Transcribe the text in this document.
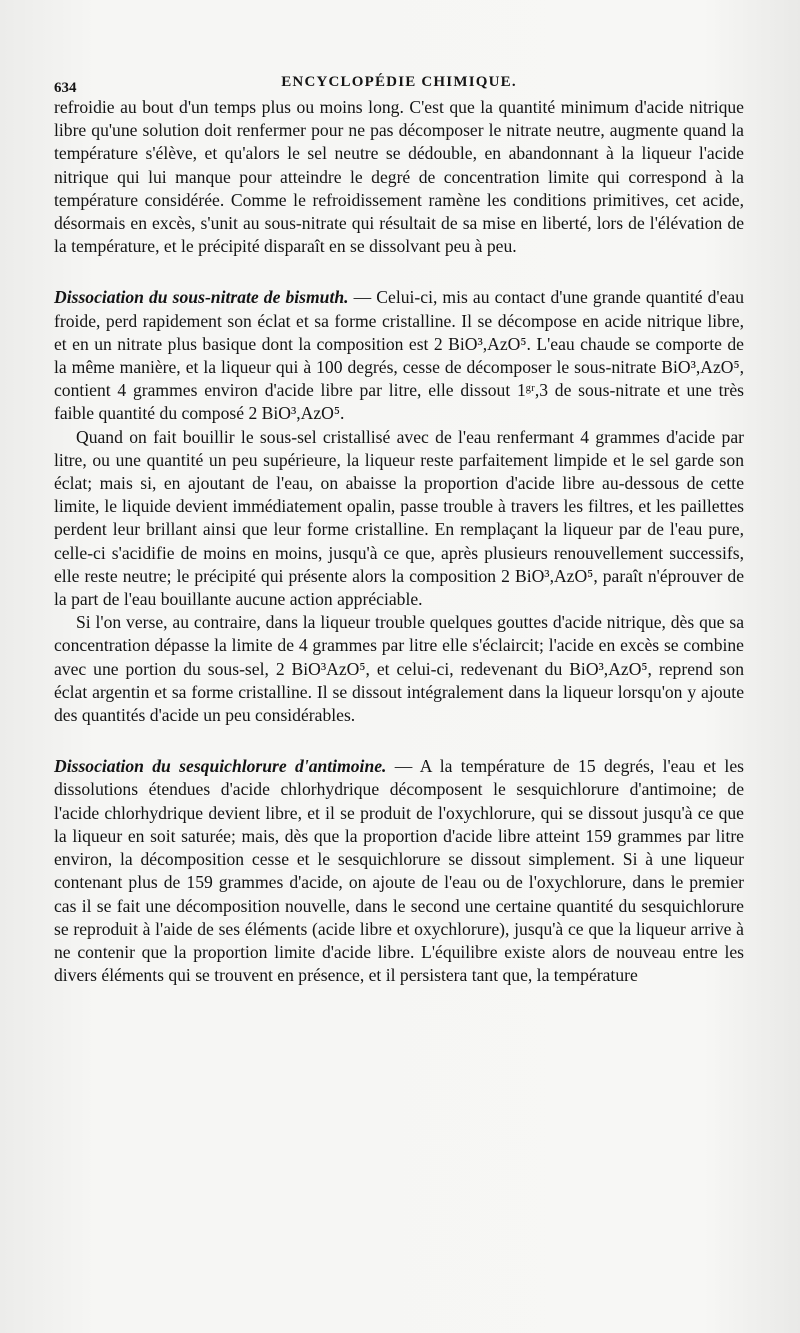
634	ENCYCLOPÉDIE CHIMIQUE.

refroidie au bout d'un temps plus ou moins long. C'est que la quantité minimum d'acide nitrique libre qu'une solution doit renfermer pour ne pas décomposer le nitrate neutre, augmente quand la température s'élève, et qu'alors le sel neutre se dédouble, en abandonnant à la liqueur l'acide nitrique qui lui manque pour atteindre le degré de concentration limite qui correspond à la température considérée. Comme le refroidissement ramène les conditions primitives, cet acide, désormais en excès, s'unit au sous-nitrate qui résultait de sa mise en liberté, lors de l'élévation de la température, et le précipité disparaît en se dissolvant peu à peu.

Dissociation du sous-nitrate de bismuth. — Celui-ci, mis au contact d'une grande quantité d'eau froide, perd rapidement son éclat et sa forme cristalline. Il se décompose en acide nitrique libre, et en un nitrate plus basique dont la composition est 2 BiO³,AzO⁵. L'eau chaude se comporte de la même manière, et la liqueur qui à 100 degrés, cesse de décomposer le sous-nitrate BiO³,AzO⁵, contient 4 grammes environ d'acide libre par litre, elle dissout 1ᵍʳ,3 de sous-nitrate et une très faible quantité du composé 2 BiO³,AzO⁵.

Quand on fait bouillir le sous-sel cristallisé avec de l'eau renfermant 4 grammes d'acide par litre, ou une quantité un peu supérieure, la liqueur reste parfaitement limpide et le sel garde son éclat; mais si, en ajoutant de l'eau, on abaisse la proportion d'acide libre au-dessous de cette limite, le liquide devient immédiatement opalin, passe trouble à travers les filtres, et les paillettes perdent leur brillant ainsi que leur forme cristalline. En remplaçant la liqueur par de l'eau pure, celle-ci s'acidifie de moins en moins, jusqu'à ce que, après plusieurs renouvellement successifs, elle reste neutre; le précipité qui présente alors la composition 2 BiO³,AzO⁵, paraît n'éprouver de la part de l'eau bouillante aucune action appréciable.

Si l'on verse, au contraire, dans la liqueur trouble quelques gouttes d'acide nitrique, dès que sa concentration dépasse la limite de 4 grammes par litre elle s'éclaircit; l'acide en excès se combine avec une portion du sous-sel, 2 BiO³AzO⁵, et celui-ci, redevenant du BiO³,AzO⁵, reprend son éclat argentin et sa forme cristalline. Il se dissout intégralement dans la liqueur lorsqu'on y ajoute des quantités d'acide un peu considérables.

Dissociation du sesquichlorure d'antimoine. — A la température de 15 degrés, l'eau et les dissolutions étendues d'acide chlorhydrique décomposent le sesquichlorure d'antimoine; de l'acide chlorhydrique devient libre, et il se produit de l'oxychlorure, qui se dissout jusqu'à ce que la liqueur en soit saturée; mais, dès que la proportion d'acide libre atteint 159 grammes par litre environ, la décomposition cesse et le sesquichlorure se dissout simplement. Si à une liqueur contenant plus de 159 grammes d'acide, on ajoute de l'eau ou de l'oxychlorure, dans le premier cas il se fait une décomposition nouvelle, dans le second une certaine quantité du sesquichlorure se reproduit à l'aide de ses éléments (acide libre et oxychlorure), jusqu'à ce que la liqueur arrive à ne contenir que la proportion limite d'acide libre. L'équilibre existe alors de nouveau entre les divers éléments qui se trouvent en présence, et il persistera tant que, la température
